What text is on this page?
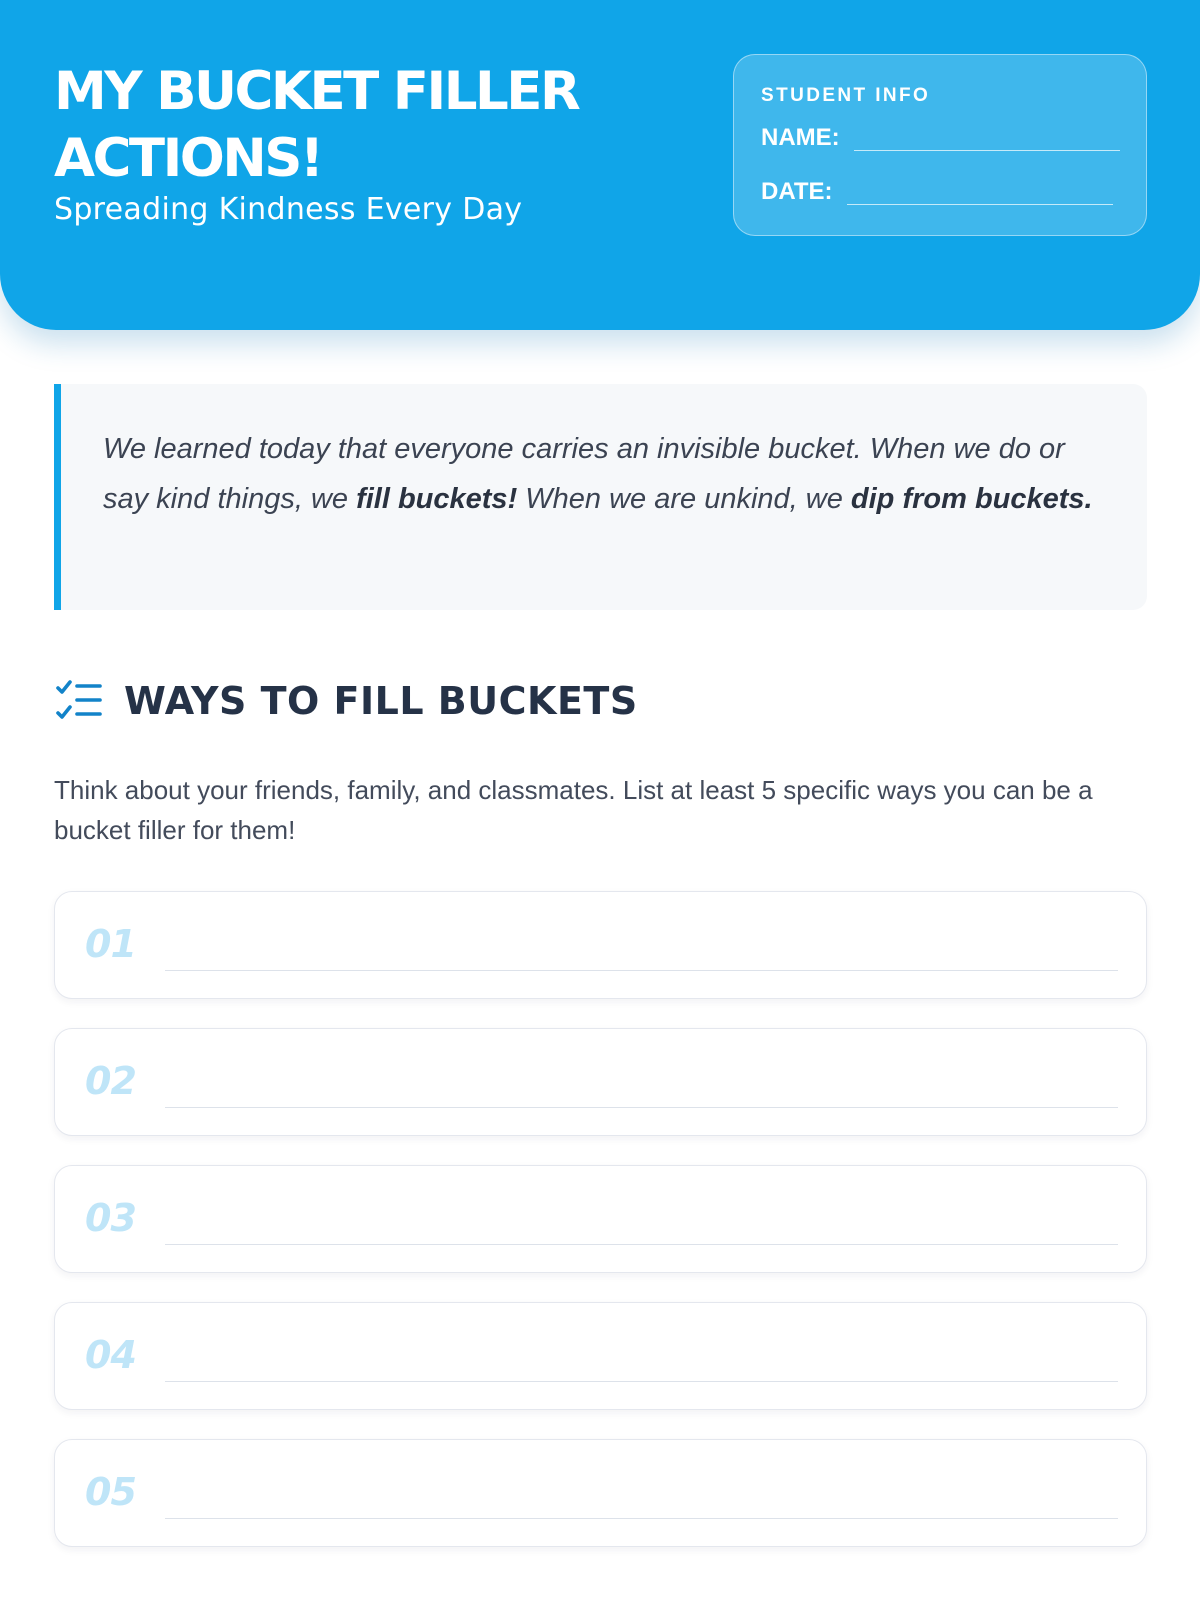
MY BUCKET FILLER ACTIONS!
Spreading Kindness Every Day
STUDENT INFO
NAME:
DATE:

We learned today that everyone carries an invisible bucket. When we do or say kind things, we fill buckets! When we are unkind, we dip from buckets.

WAYS TO FILL BUCKETS

Think about your friends, family, and classmates. List at least 5 specific ways you can be a bucket filler for them!

01
02
03
04
05
